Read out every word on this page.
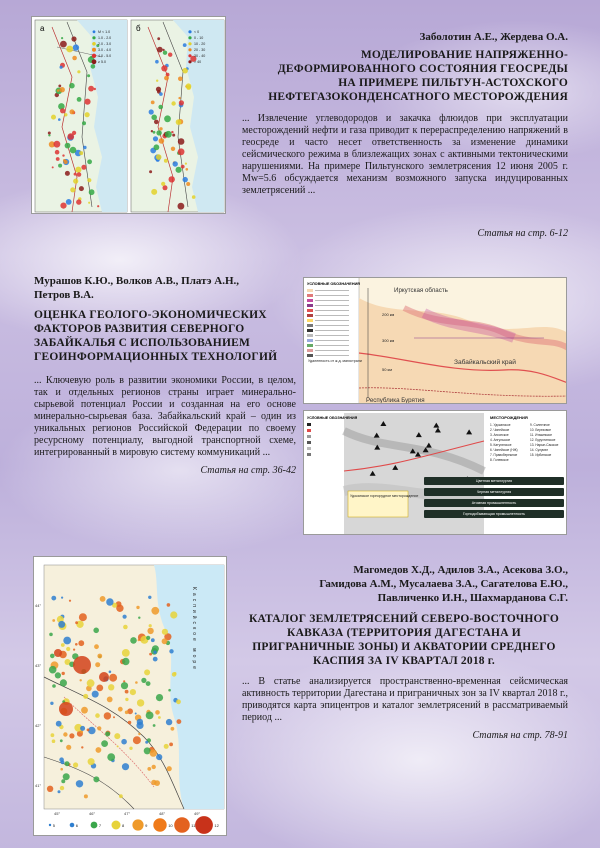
а	б
M < 1.0
1.0 - 2.0
2.0 - 3.0
3.0 - 4.0
4.0 - 5.0
≥ 5.0
< 0
0 - 10
10 - 20
20 - 30
30 - 40
> 40
Заболотин А.Е., Жердева О.А.
МОДЕЛИРОВАНИЕ НАПРЯЖЕННО-
ДЕФОРМИРОВАННОГО СОСТОЯНИЯ ГЕОСРЕДЫ
НА ПРИМЕРЕ ПИЛЬТУН-АСТОХСКОГО
НЕФТЕГАЗОКОНДЕНСАТНОГО МЕСТОРОЖДЕНИЯ
... Извлечение углеводородов и закачка флюидов при эксплуатации месторождений нефти и газа приводит к перераспределению напряжений в геосреде и часто несет ответственность за изменение динамики сейсмического режима в близлежащих зонах с активными тектоническими нарушениями. На примере Пильтунского землетрясения 12 июня 2005 г. Mw=5.6 обсуждается механизм возможного запуска индуцированных землетрясений ...
Статья на стр. 6-12
Мурашов К.Ю., Волков А.В., Платэ А.Н.,
Петров В.А.
ОЦЕНКА ГЕОЛОГО-ЭКОНОМИЧЕСКИХ
ФАКТОРОВ РАЗВИТИЯ СЕВЕРНОГО
ЗАБАЙКАЛЬЯ С ИСПОЛЬЗОВАНИЕМ
ГЕОИНФОРМАЦИОННЫХ ТЕХНОЛОГИЙ
... Ключевую роль в развитии экономики России, в целом, так и отдельных регионов страны играет минерально-сырьевой потенциал России и созданная на его основе минерально-сырьевая база. Забайкальский край – один из уникальных регионов Российской Федерации по своему ресурсному потенциалу, выгодной транспортной схеме, интегрированный в мировую систему коммуникаций ...
Статья на стр. 36-42
УСЛОВНЫЕ ОБОЗНАЧЕНИЯ
Иркутская область
Забайкальский край
Республика Бурятия
200 км
300 км
50 км
Удаленность от ж.д. магистрали
УСЛОВНЫЕ ОБОЗНАЧЕНИЯ
Удоканское горнорудное месторождение
МЕСТОРОЖДЕНИЯ
1. Удоканское
2. Чинейское
3. Апсатское
4. Ангульское
5. Катугинское
6. Чинейское (НЖ)
7. Правобережное
8. Голевское
9. Солнечное
10. Березовое
11. Итакинское
12. Бурухтинское
13. Нарын-Сакское
14. Сулумат
15. Ирбинское
Цветная металлургия
Черная металлургия
Атомная промышленность
Горнодобывающая промышленность
Каспийское море
45°	46°	47°	48°	49°
44°
43°
42°
41°
5	6	7	8	9	10	11	12
Магомедов Х.Д., Адилов З.А., Асекова З.О.,
Гамидова А.М., Мусалаева З.А., Сагателова Е.Ю.,
Павличенко И.Н., Шахмарданова С.Г.
КАТАЛОГ ЗЕМЛЕТРЯСЕНИЙ СЕВЕРО-ВОСТОЧНОГО
КАВКАЗА (ТЕРРИТОРИЯ ДАГЕСТАНА И
ПРИГРАНИЧНЫЕ ЗОНЫ) И АКВАТОРИИ СРЕДНЕГО
КАСПИЯ ЗА IV КВАРТАЛ 2018 г.
... В статье анализируется пространственно-временная сейсмическая активность территории Дагестана и приграничных зон за IV квартал 2018 г., приводятся карта эпицентров и каталог землетрясений в рассматриваемый период ...
Статья на стр. 78-91
